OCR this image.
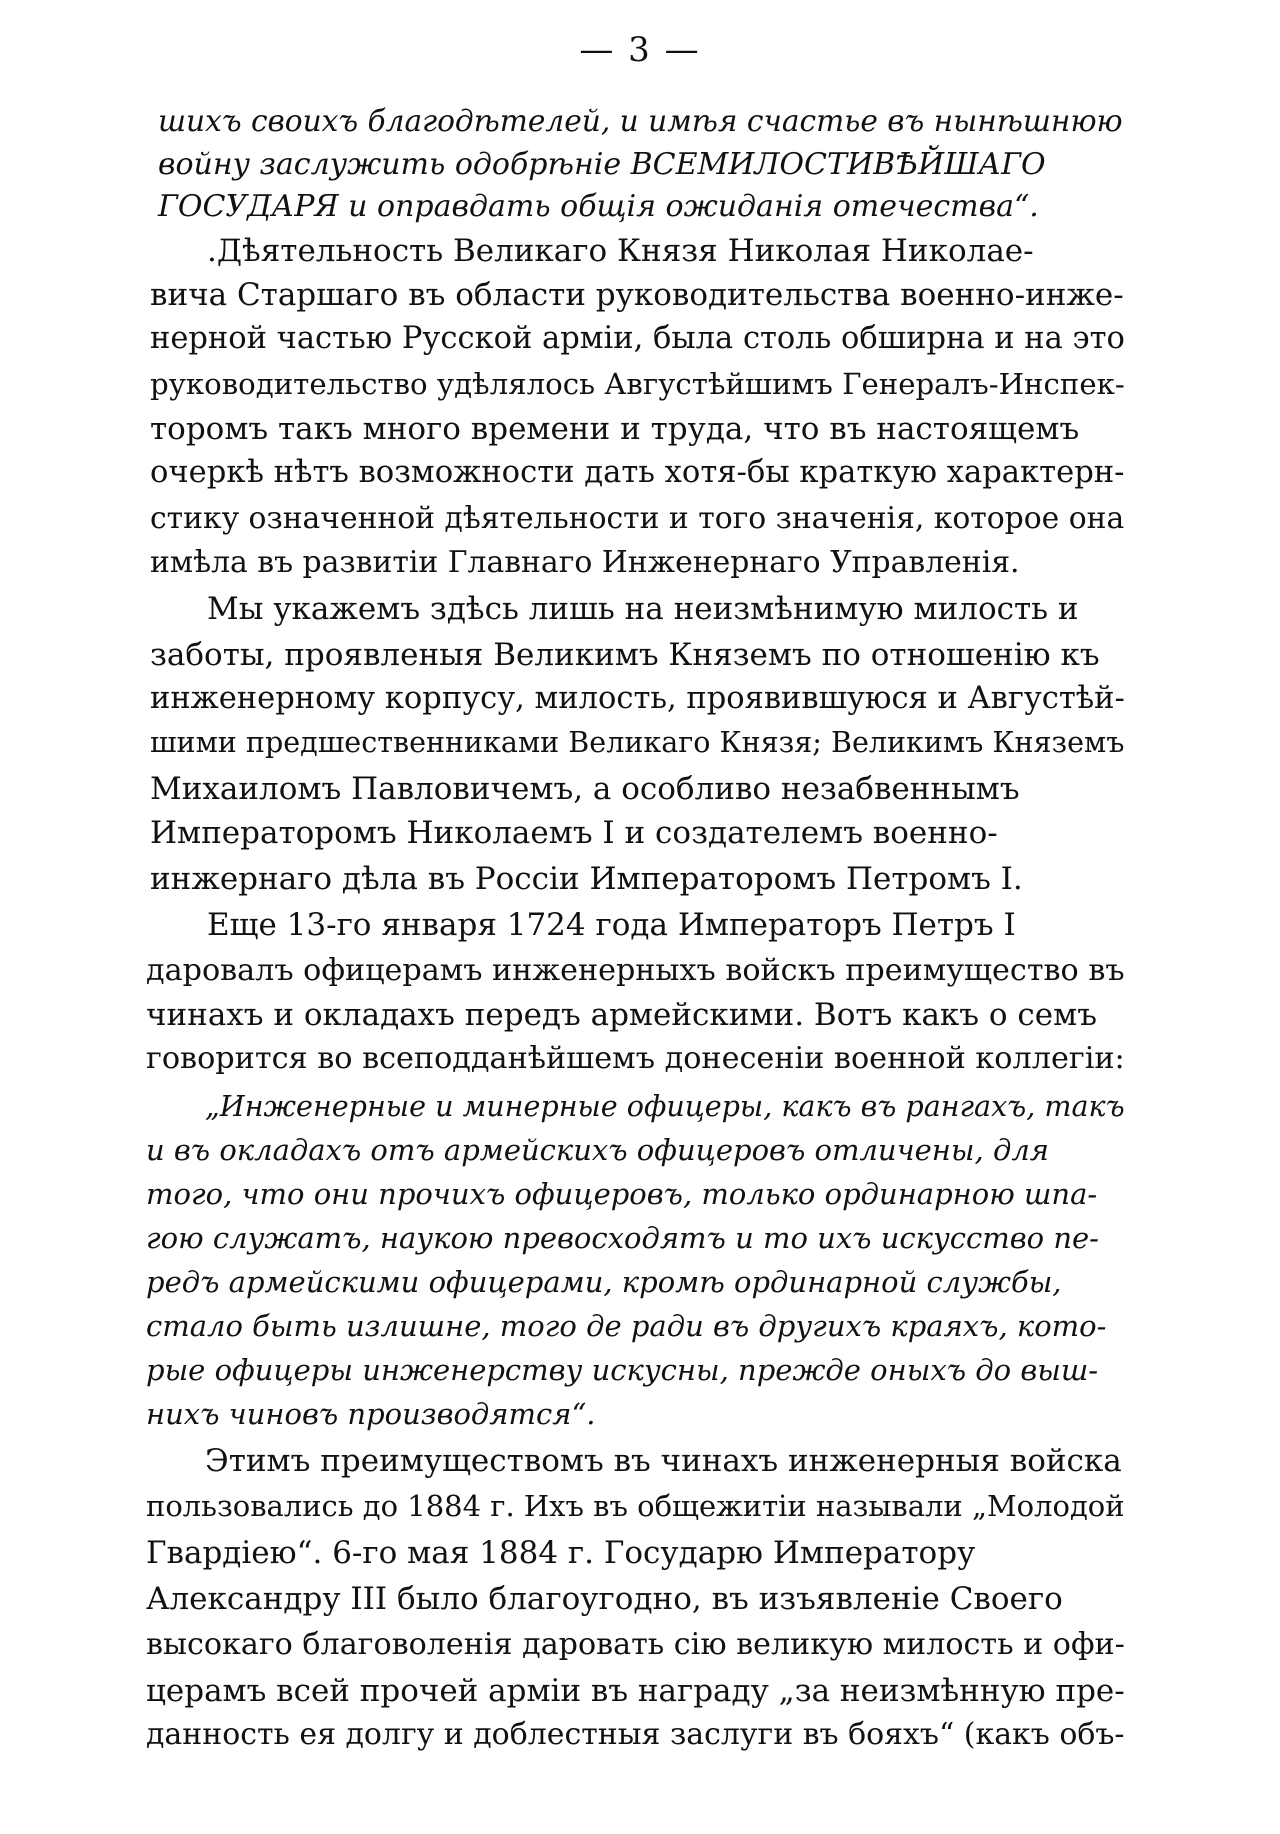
— 3 —

шихъ своихъ благодѣтелей, и имѣя счастье въ нынѣшнюю

войну заслужить одобрѣніе ВСЕМИЛОСТИВѢЙШАГО

ГОСУДАРЯ и оправдать общія ожиданія отечества“.

.Дѣятельность Великаго Князя Николая Николае-

вича Старшаго въ области руководительства военно-инже-

нерной частью Русской арміи, была столь обширна и на это

руководительство удѣлялось Августѣйшимъ Генералъ-Инспек-

торомъ такъ много времени и труда, что въ настоящемъ

очеркѣ нѣтъ возможности дать хотя-бы краткую характерн-

стику означенной дѣятельности и того значенія, которое она

имѣла въ развитіи Главнаго Инженернаго Управленія.

Мы укажемъ здѣсь лишь на неизмѣнимую милость и

заботы, проявленыя Великимъ Княземъ по отношенію къ

инженерному корпусу, милость, проявившуюся и Августѣй-

шими предшественниками Великаго Князя; Великимъ Княземъ

Михаиломъ Павловичемъ, а особливо незабвеннымъ

Императоромъ Николаемъ I и создателемъ военно-

инжернаго дѣла въ Россіи Императоромъ Петромъ I.

Еще 13-го января 1724 года Императоръ Петръ I

даровалъ офицерамъ инженерныхъ войскъ преимущество въ

чинахъ и окладахъ передъ армейскими. Вотъ какъ о семъ

говорится во всеподданѣйшемъ донесеніи военной коллегіи:

„Инженерные и минерные офицеры, какъ въ рангахъ, такъ

и въ окладахъ отъ армейскихъ офицеровъ отличены, для

того, что они прочихъ офицеровъ, только ординарною шпа-

гою служатъ, наукою превосходятъ и то ихъ искусство пе-

редъ армейскими офицерами, кромѣ ординарной службы,

стало быть излишне, того де ради въ другихъ краяхъ, кото-

рые офицеры инженерству искусны, прежде оныхъ до выш-

нихъ чиновъ производятся“.

Этимъ преимуществомъ въ чинахъ инженерныя войска

пользовались до 1884 г. Ихъ въ общежитіи называли „Молодой

Гвардіею“. 6-го мая 1884 г. Государю Императору

Александру III было благоугодно, въ изъявленіе Своего

высокаго благоволенія даровать сію великую милость и офи-

церамъ всей прочей арміи въ награду „за неизмѣнную пре-

данность ея долгу и доблестныя заслуги въ бояхъ“ (какъ объ-
